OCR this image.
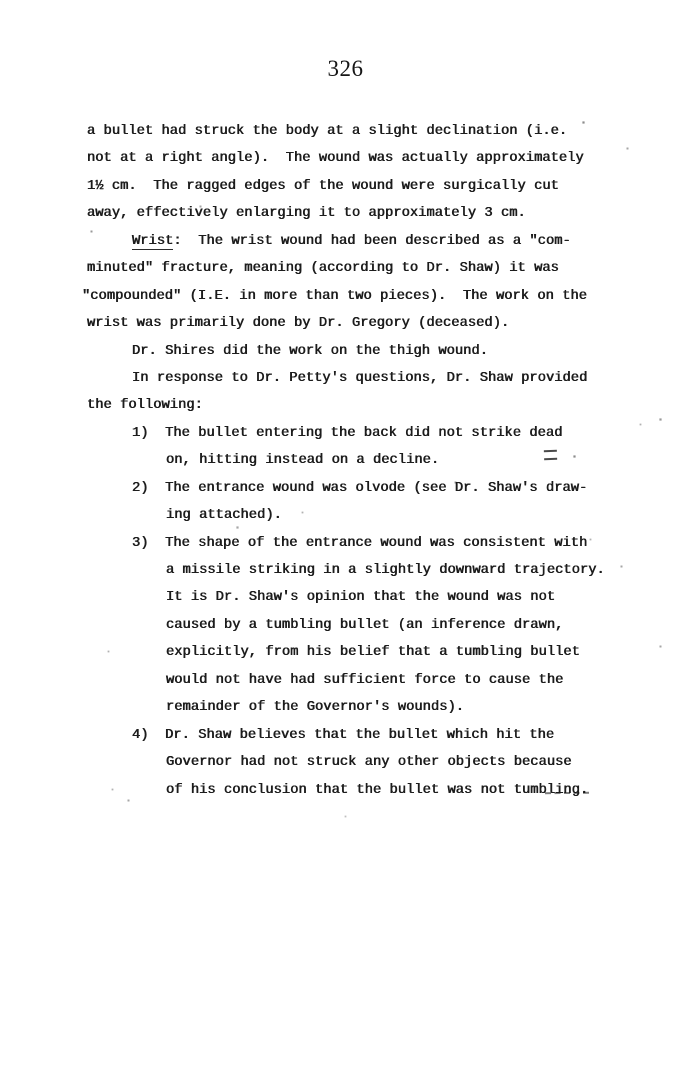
326
a bullet had struck the body at a slight declination (i.e.
not at a right angle).  The wound was actually approximately
1½ cm.  The ragged edges of the wound were surgically cut
away, effectively enlarging it to approximately 3 cm.
Wrist:  The wrist wound had been described as a "com-
minuted" fracture, meaning (according to Dr. Shaw) it was
"compounded" (I.E. in more than two pieces).  The work on the
wrist was primarily done by Dr. Gregory (deceased).
Dr. Shires did the work on the thigh wound.
In response to Dr. Petty's questions, Dr. Shaw provided
the following:
1) The bullet entering the back did not strike dead
on, hitting instead on a decline.
2) The entrance wound was olvode (see Dr. Shaw's draw-
ing attached).
3) The shape of the entrance wound was consistent with
a missile striking in a slightly downward trajectory.
It is Dr. Shaw's opinion that the wound was not
caused by a tumbling bullet (an inference drawn,
explicitly, from his belief that a tumbling bullet
would not have had sufficient force to cause the
remainder of the Governor's wounds).
4) Dr. Shaw believes that the bullet which hit the
Governor had not struck any other objects because
of his conclusion that the bullet was not tumbling.
